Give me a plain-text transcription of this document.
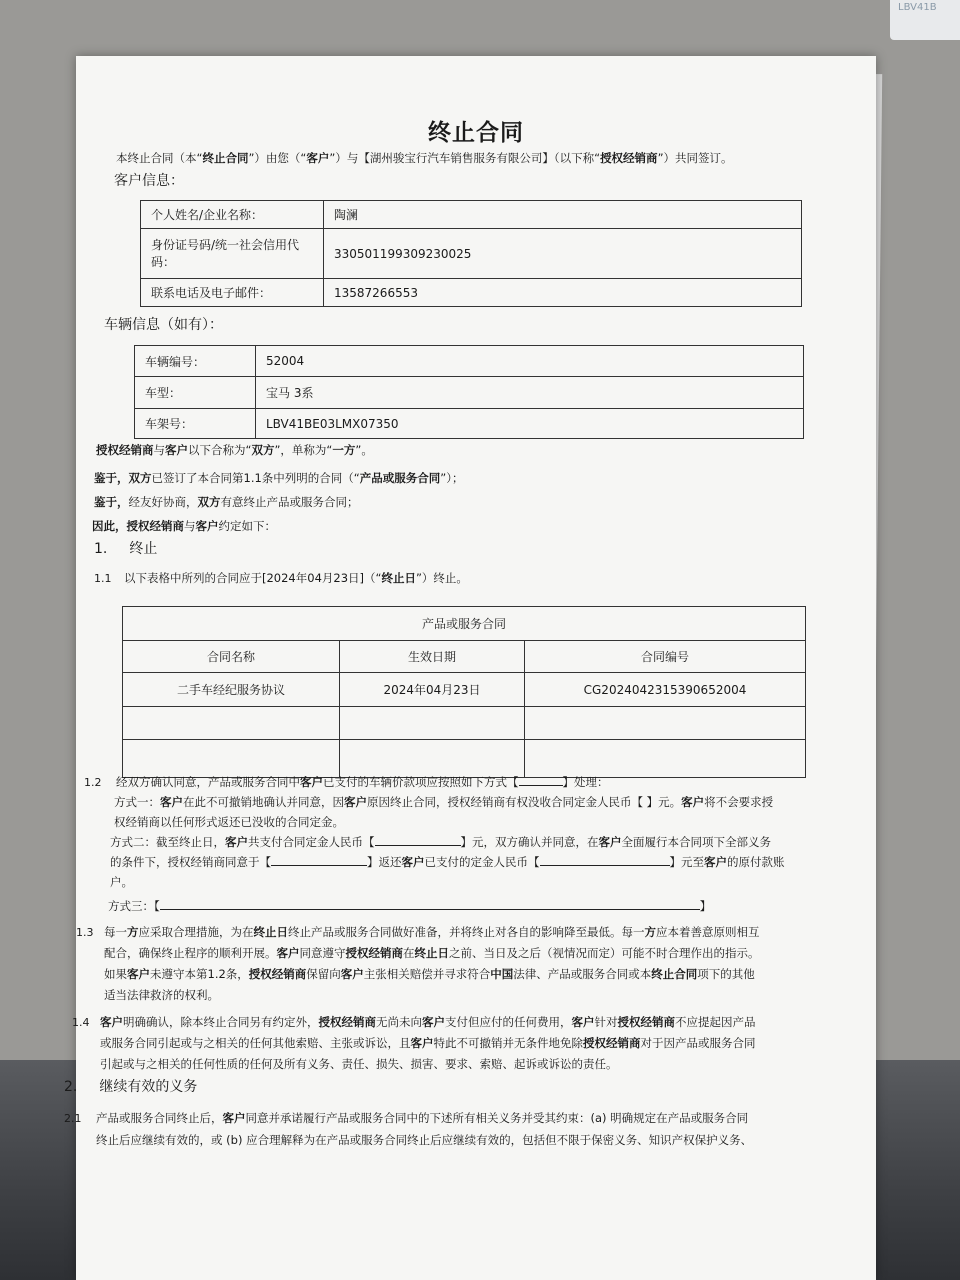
LBV41B
终止合同
本终止合同（本“终止合同”）由您（“客户”）与【湖州骏宝行汽车销售服务有限公司】（以下称“授权经销商”）共同签订。
客户信息：
个人姓名/企业名称：	陶澜
身份证号码/统一社会信用代码：	330501199309230025
联系电话及电子邮件：	13587266553
车辆信息（如有）：
车辆编号：	52004
车型：	宝马 3系
车架号：	LBV41BE03LMX07350
授权经销商与客户以下合称为“双方”，单称为“一方”。
鉴于，双方已签订了本合同第1.1条中列明的合同（“产品或服务合同”）；
鉴于，经友好协商，双方有意终止产品或服务合同；
因此，授权经销商与客户约定如下：
1. 终止
1.1 以下表格中所列的合同应于[2024年04月23日]（“终止日”）终止。
产品或服务合同		
合同名称	生效日期	合同编号
二手车经纪服务协议	2024年04月23日	CG2024042315390652004

1.2 经双方确认同意，产品或服务合同中客户已支付的车辆价款项应按照如下方式【	】处理：
方式一：客户在此不可撤销地确认并同意，因客户原因终止合同，授权经销商有权没收合同定金人民币【 】元。客户将不会要求授
权经销商以任何形式返还已没收的合同定金。
方式二：截至终止日，客户共支付合同定金人民币【	】元，双方确认并同意，在客户全面履行本合同项下全部义务
的条件下，授权经销商同意于【	】返还客户已支付的定金人民币【	】元至客户的原付款账
户。
方式三：【	】
1.3 每一方应采取合理措施，为在终止日终止产品或服务合同做好准备，并将终止对各自的影响降至最低。每一方应本着善意原则相互
配合，确保终止程序的顺利开展。客户同意遵守授权经销商在终止日之前、当日及之后（视情况而定）可能不时合理作出的指示。
如果客户未遵守本第1.2条，授权经销商保留向客户主张相关赔偿并寻求符合中国法律、产品或服务合同或本终止合同项下的其他
适当法律救济的权利。
1.4 客户明确确认，除本终止合同另有约定外，授权经销商无尚未向客户支付但应付的任何费用，客户针对授权经销商不应提起因产品
或服务合同引起或与之相关的任何其他索赔、主张或诉讼，且客户特此不可撤销并无条件地免除授权经销商对于因产品或服务合同
引起或与之相关的任何性质的任何及所有义务、责任、损失、损害、要求、索赔、起诉或诉讼的责任。
2. 继续有效的义务
2.1 产品或服务合同终止后，客户同意并承诺履行产品或服务合同中的下述所有相关义务并受其约束：(a) 明确规定在产品或服务合同
终止后应继续有效的，或 (b) 应合理解释为在产品或服务合同终止后应继续有效的，包括但不限于保密义务、知识产权保护义务、
